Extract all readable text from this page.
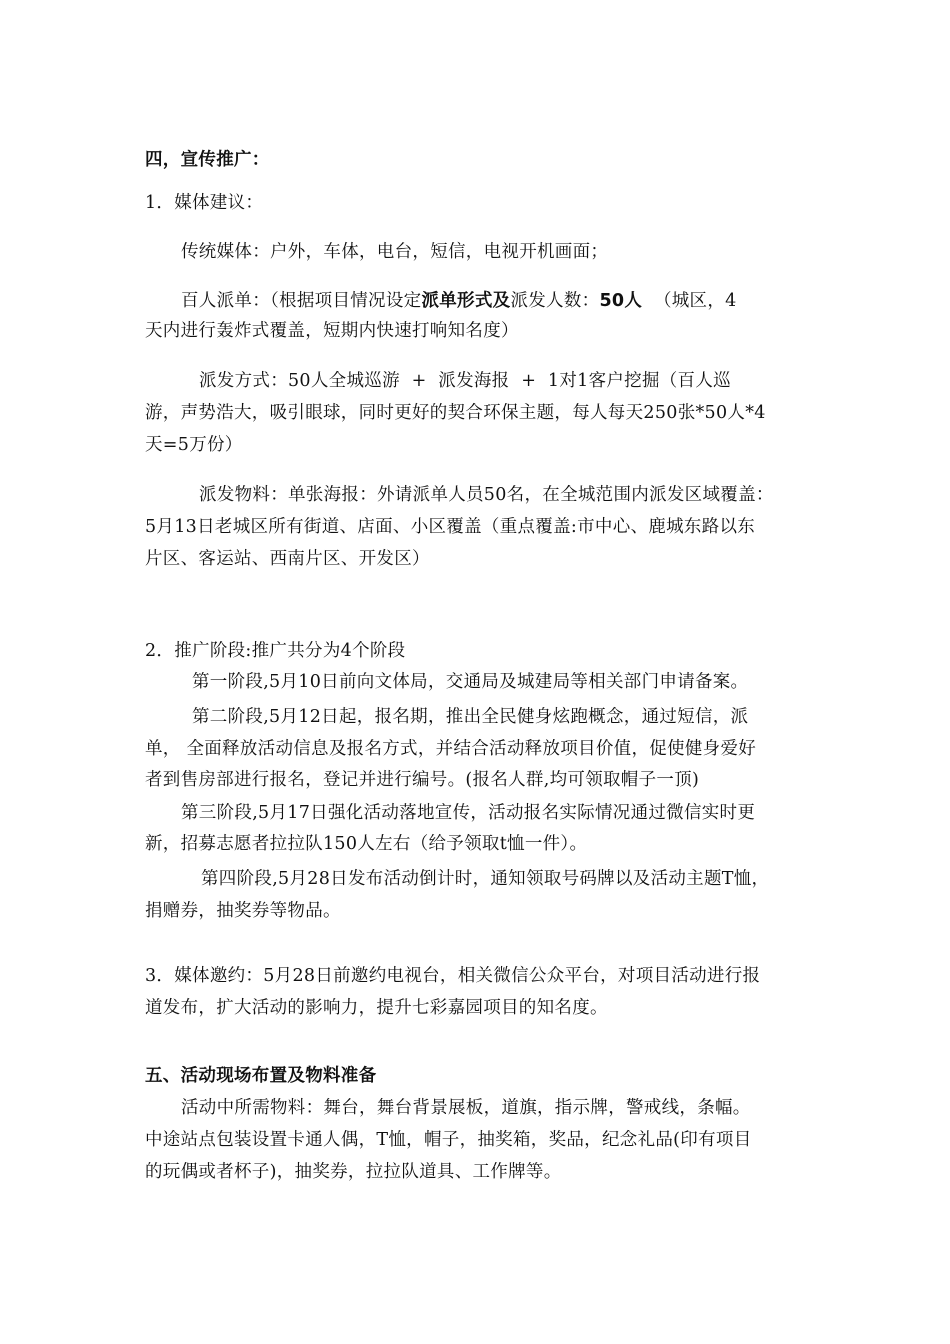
四，宣传推广：
1．媒体建议：
传统媒体：户外，车体，电台，短信，电视开机画面；
百人派单：（根据项目情况设定派单形式及派发人数：50人  （城区，4
天内进行轰炸式覆盖，短期内快速打响知名度）
派发方式：50人全城巡游  +  派发海报  +  1对1客户挖掘（百人巡
游，声势浩大，吸引眼球，同时更好的契合环保主题，每人每天250张*50人*4
天=5万份）
派发物料：单张海报：外请派单人员50名，在全城范围内派发区域覆盖：
5月13日老城区所有街道、店面、小区覆盖（重点覆盖:市中心、鹿城东路以东
片区、客运站、西南片区、开发区）
2．推广阶段:推广共分为4个阶段
第一阶段,5月10日前向文体局，交通局及城建局等相关部门申请备案。
第二阶段,5月12日起，报名期，推出全民健身炫跑概念，通过短信，派
单， 全面释放活动信息及报名方式，并结合活动释放项目价值，促使健身爱好
者到售房部进行报名，登记并进行编号。(报名人群,均可领取帽子一顶)
第三阶段,5月17日强化活动落地宣传，活动报名实际情况通过微信实时更
新，招募志愿者拉拉队150人左右（给予领取t恤一件）。
第四阶段,5月28日发布活动倒计时，通知领取号码牌以及活动主题T恤，
捐赠券，抽奖券等物品。
3．媒体邀约：5月28日前邀约电视台，相关微信公众平台，对项目活动进行报
道发布，扩大活动的影响力，提升七彩嘉园项目的知名度。
五、活动现场布置及物料准备
活动中所需物料：舞台，舞台背景展板，道旗，指示牌，警戒线，条幅。
中途站点包装设置卡通人偶，T恤，帽子，抽奖箱，奖品，纪念礼品(印有项目
的玩偶或者杯子)，抽奖券，拉拉队道具、工作牌等。
